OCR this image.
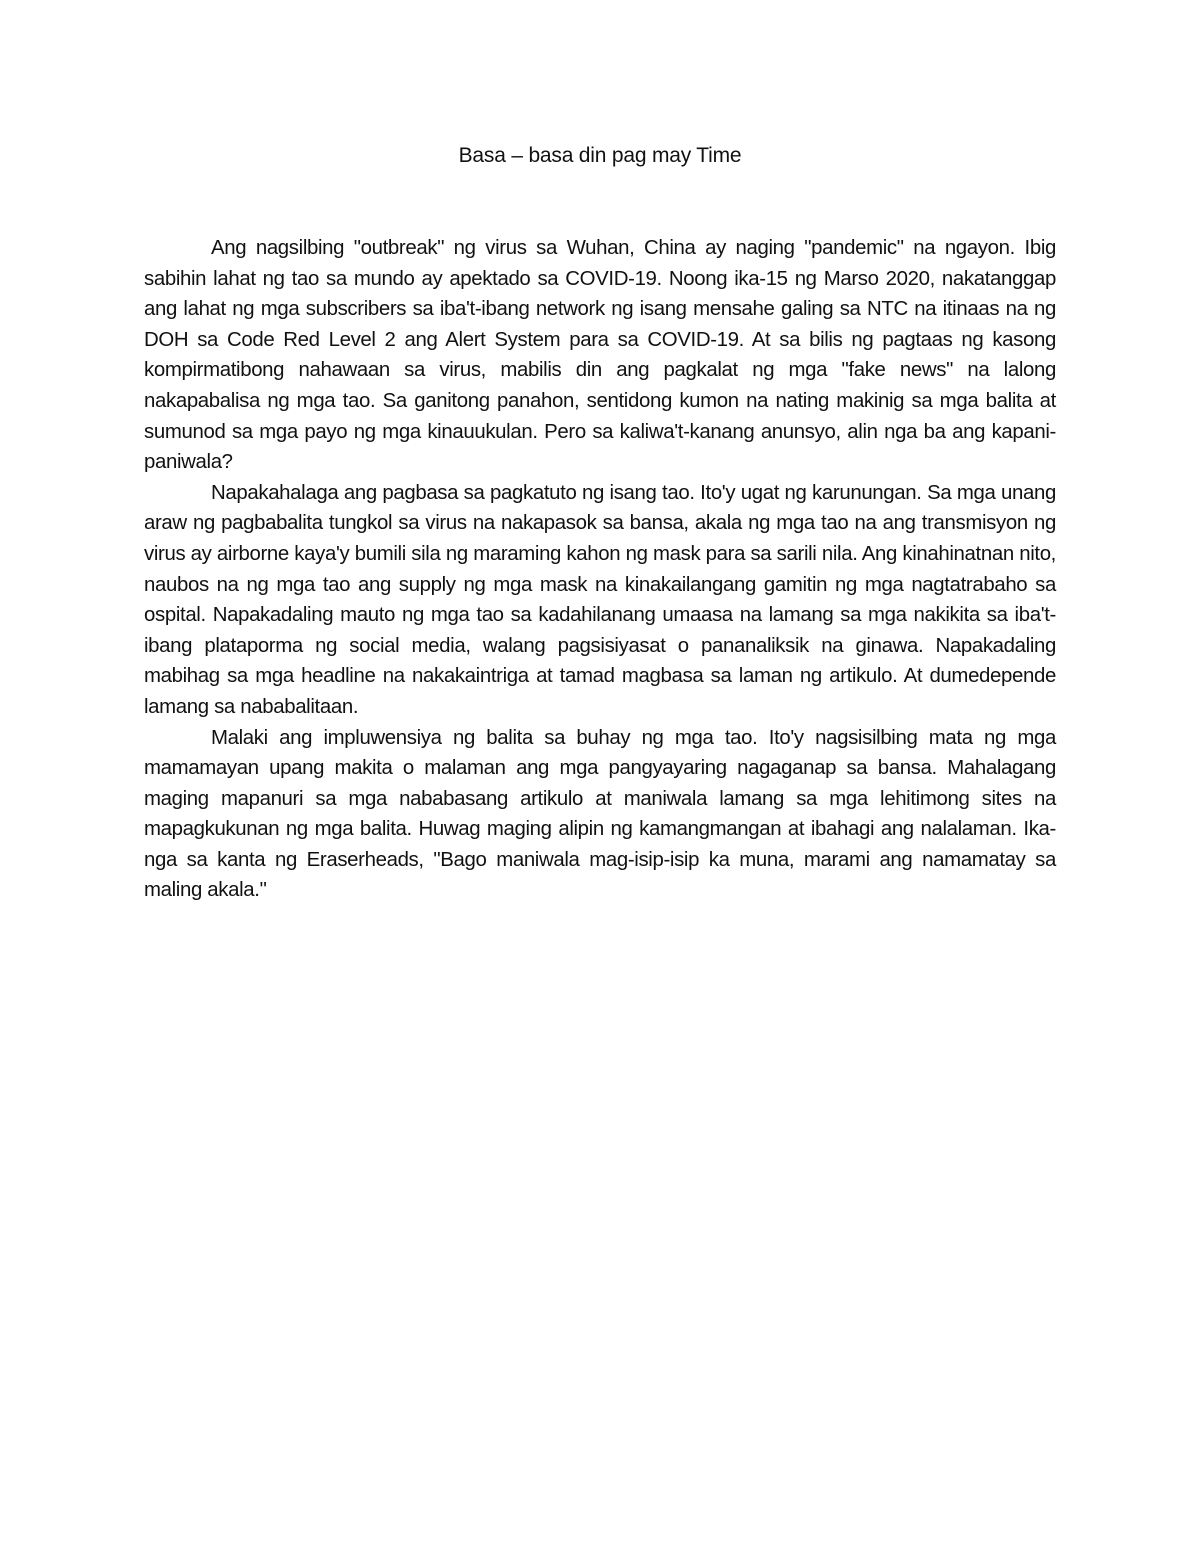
Basa – basa din pag may Time

Ang nagsilbing "outbreak" ng virus sa Wuhan, China ay naging "pandemic" na ngayon. Ibig sabihin lahat ng tao sa mundo ay apektado sa COVID-19. Noong ika-15 ng Marso 2020, nakatanggap ang lahat ng mga subscribers sa iba't-ibang network ng isang mensahe galing sa NTC na itinaas na ng DOH sa Code Red Level 2 ang Alert System para sa COVID-19. At sa bilis ng pagtaas ng kasong kompirmatibong nahawaan sa virus, mabilis din ang pagkalat ng mga "fake news" na lalong nakapabalisa ng mga tao. Sa ganitong panahon, sentidong kumon na nating makinig sa mga balita at sumunod sa mga payo ng mga kinauukulan. Pero sa kaliwa't-kanang anunsyo, alin nga ba ang kapani-paniwala?

Napakahalaga ang pagbasa sa pagkatuto ng isang tao. Ito'y ugat ng karunungan. Sa mga unang araw ng pagbabalita tungkol sa virus na nakapasok sa bansa, akala ng mga tao na ang transmisyon ng virus ay airborne kaya'y bumili sila ng maraming kahon ng mask para sa sarili nila. Ang kinahinatnan nito, naubos na ng mga tao ang supply ng mga mask na kinakailangang gamitin ng mga nagtatrabaho sa ospital. Napakadaling mauto ng mga tao sa kadahilanang umaasa na lamang sa mga nakikita sa iba't-ibang plataporma ng social media, walang pagsisiyasat o pananaliksik na ginawa. Napakadaling mabihag sa mga headline na nakakaintriga at tamad magbasa sa laman ng artikulo. At dumedepende lamang sa nababalitaan.

Malaki ang impluwensiya ng balita sa buhay ng mga tao. Ito'y nagsisilbing mata ng mga mamamayan upang makita o malaman ang mga pangyayaring nagaganap sa bansa. Mahalagang maging mapanuri sa mga nababasang artikulo at maniwala lamang sa mga lehitimong sites na mapagkukunan ng mga balita. Huwag maging alipin ng kamangmangan at ibahagi ang nalalaman. Ika-nga sa kanta ng Eraserheads, "Bago maniwala mag-isip-isip ka muna, marami ang namamatay sa maling akala."
